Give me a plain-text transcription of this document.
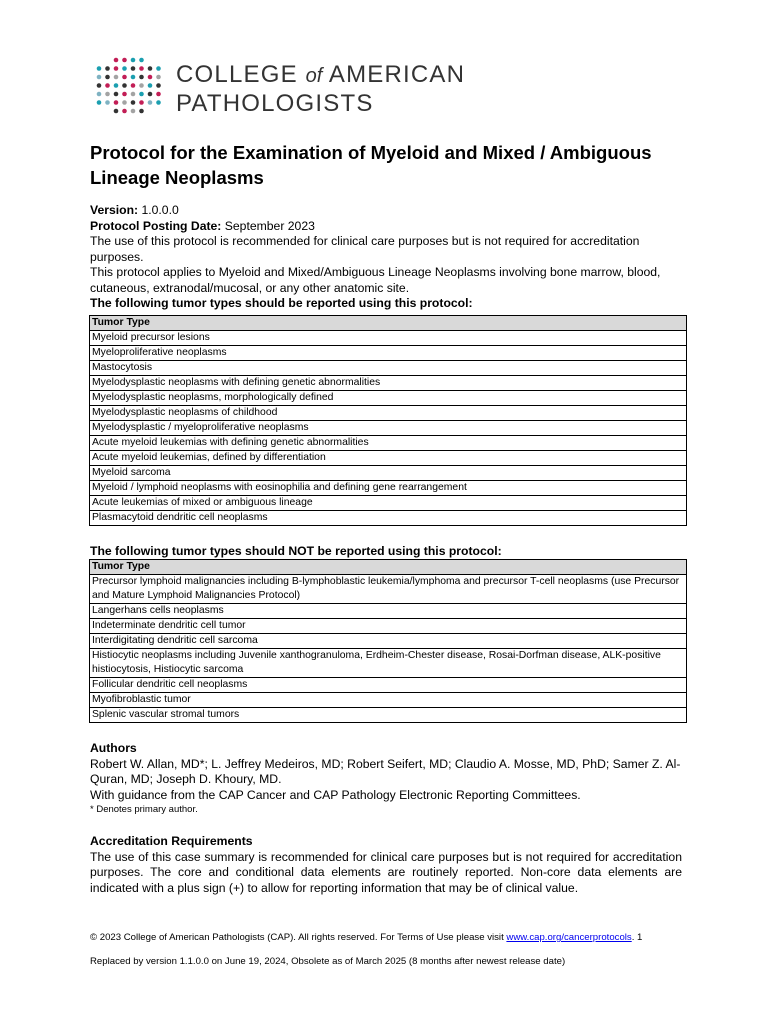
COLLEGE of AMERICAN
PATHOLOGISTS
Protocol for the Examination of Myeloid and Mixed / Ambiguous Lineage Neoplasms

Version: 1.0.0.0

Protocol Posting Date: September 2023

The use of this protocol is recommended for clinical care purposes but is not required for accreditation purposes.

This protocol applies to Myeloid and Mixed/Ambiguous Lineage Neoplasms involving bone marrow, blood, cutaneous, extranodal/mucosal, or any other anatomic site.

The following tumor types should be reported using this protocol:

Tumor Type
Myeloid precursor lesions
Myeloproliferative neoplasms
Mastocytosis
Myelodysplastic neoplasms with defining genetic abnormalities
Myelodysplastic neoplasms, morphologically defined
Myelodysplastic neoplasms of childhood
Myelodysplastic / myeloproliferative neoplasms
Acute myeloid leukemias with defining genetic abnormalities
Acute myeloid leukemias, defined by differentiation
Myeloid sarcoma
Myeloid / lymphoid neoplasms with eosinophilia and defining gene rearrangement
Acute leukemias of mixed or ambiguous lineage
Plasmacytoid dendritic cell neoplasms
The following tumor types should NOT be reported using this protocol:
Tumor Type
Precursor lymphoid malignancies including B-lymphoblastic leukemia/lymphoma and precursor T-cell neoplasms (use Precursor and Mature Lymphoid Malignancies Protocol)
Langerhans cells neoplasms
Indeterminate dendritic cell tumor
Interdigitating dendritic cell sarcoma
Histiocytic neoplasms including Juvenile xanthogranuloma, Erdheim-Chester disease, Rosai-Dorfman disease, ALK-positive histiocytosis, Histiocytic sarcoma
Follicular dendritic cell neoplasms
Myofibroblastic tumor
Splenic vascular stromal tumors

Authors

Robert W. Allan, MD*; L. Jeffrey Medeiros, MD; Robert Seifert, MD; Claudio A. Mosse, MD, PhD; Samer Z. Al-Quran, MD; Joseph D. Khoury, MD.

With guidance from the CAP Cancer and CAP Pathology Electronic Reporting Committees.

* Denotes primary author.

Accreditation Requirements

The use of this case summary is recommended for clinical care purposes but is not required for accreditation purposes. The core and conditional data elements are routinely reported. Non-core data elements are indicated with a plus sign (+) to allow for reporting information that may be of clinical value.

© 2023 College of American Pathologists (CAP). All rights reserved. For Terms of Use please visit www.cap.org/cancerprotocols. 1
Replaced by version 1.1.0.0 on June 19, 2024, Obsolete as of March 2025 (8 months after newest release date)
